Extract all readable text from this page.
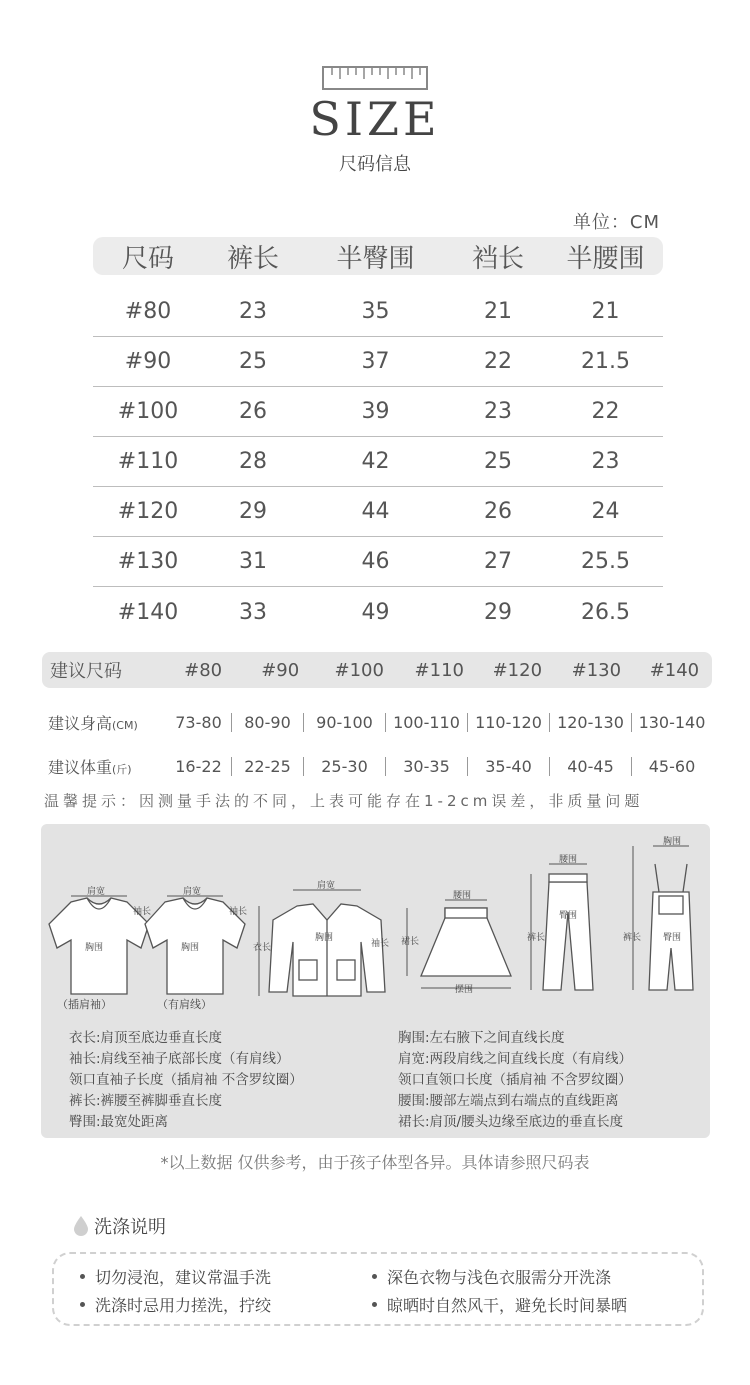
SIZE
尺码信息
单位：CM
尺码	裤长	半臀围	裆长	半腰围
#80	23	35	21	21
#90	25	37	22	21.5
#100	26	39	23	22
#110	28	42	25	23
#120	29	44	26	24
#130	31	46	27	25.5
#140	33	49	29	26.5
建议尺码	#80	#90	#100	#110	#120	#130	#140
建议身高(CM)	73-80	80-90	90-100	100-110 110-120 120-130 130-140
建议体重(斤)	16-22	22-25	25-30	30-35	35-40	40-45	45-60
温馨提示：因测量手法的不同，上表可能存在1-2cm误差，非质量问题
肩宽	肩宽
肩宽
胸围	胸围
胸围
袖长	袖长
袖长
衣长
腰围
摆围
裙长
腰围
臀围
裤长
胸围
臀围
裤长
（插肩袖）	（有肩线）
衣长:肩顶至底边垂直长度
袖长:肩线至袖子底部长度（有肩线）
领口直袖子长度（插肩袖 不含罗纹圈）
裤长:裤腰至裤脚垂直长度
臀围:最宽处距离
胸围:左右腋下之间直线长度
肩宽:两段肩线之间直线长度（有肩线）
领口直领口长度（插肩袖 不含罗纹圈）
腰围:腰部左端点到右端点的直线距离
裙长:肩顶/腰头边缘至底边的垂直长度
*以上数据 仅供参考，由于孩子体型各异。具体请参照尺码表
洗涤说明
切勿浸泡，建议常温手洗	深色衣物与浅色衣服需分开洗涤
洗涤时忌用力搓洗，拧绞	晾晒时自然风干，避免长时间暴晒
